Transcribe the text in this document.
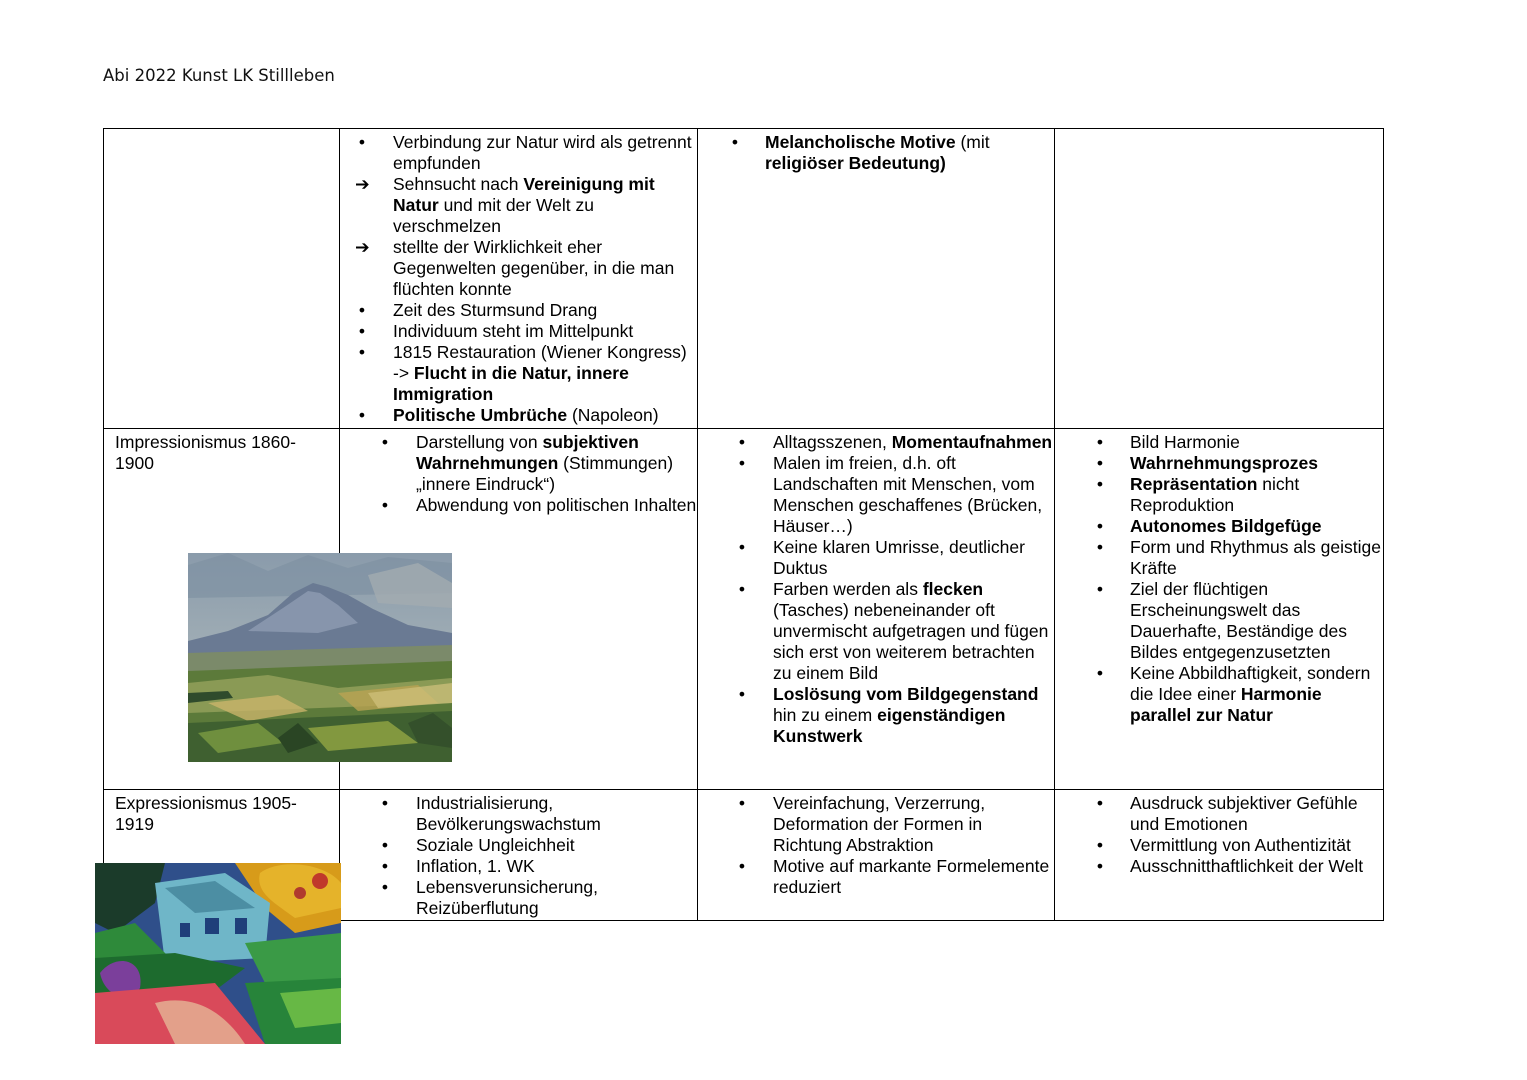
Abi 2022 Kunst LK Stillleben
• Verbindung zur Natur wird als getrennt empfunden
➔ Sehnsucht nach Vereinigung mit Natur und mit der Welt zu verschmelzen
➔ stellte der Wirklichkeit eher Gegenwelten gegenüber, in die man flüchten konnte
• Zeit des Sturmsund Drang
• Individuum steht im Mittelpunkt
• 1815 Restauration (Wiener Kongress) -> Flucht in die Natur, innere Immigration
• Politische Umbrüche (Napoleon)
• Melancholische Motive (mit religiöser Bedeutung)
Impressionismus 1860-1900
• Darstellung von subjektiven Wahrnehmungen (Stimmungen) „innere Eindruck“)
• Abwendung von politischen Inhalten
• Alltagsszenen, Momentaufnahmen
• Malen im freien, d.h. oft Landschaften mit Menschen, vom Menschen geschaffenes (Brücken, Häuser…)
• Keine klaren Umrisse, deutlicher Duktus
• Farben werden als flecken (Tasches) nebeneinander oft unvermischt aufgetragen und fügen sich erst von weiterem betrachten zu einem Bild
• Loslösung vom Bildgegenstand hin zu einem eigenständigen Kunstwerk
• Bild Harmonie
• Wahrnehmungsprozes
• Repräsentation nicht Reproduktion
• Autonomes Bildgefüge
• Form und Rhythmus als geistige Kräfte
• Ziel der flüchtigen Erscheinungswelt das Dauerhafte, Beständige des Bildes entgegenzusetzten
• Keine Abbildhaftigkeit, sondern die Idee einer Harmonie parallel zur Natur
Expressionismus 1905-1919
• Industrialisierung, Bevölkerungswachstum
• Soziale Ungleichheit
• Inflation, 1. WK
• Lebensverunsicherung, Reizüberflutung
• Vereinfachung, Verzerrung, Deformation der Formen in Richtung Abstraktion
• Motive auf markante Formelemente reduziert
• Ausdruck subjektiver Gefühle und Emotionen
• Vermittlung von Authentizität
• Ausschnitthaftlichkeit der Welt
